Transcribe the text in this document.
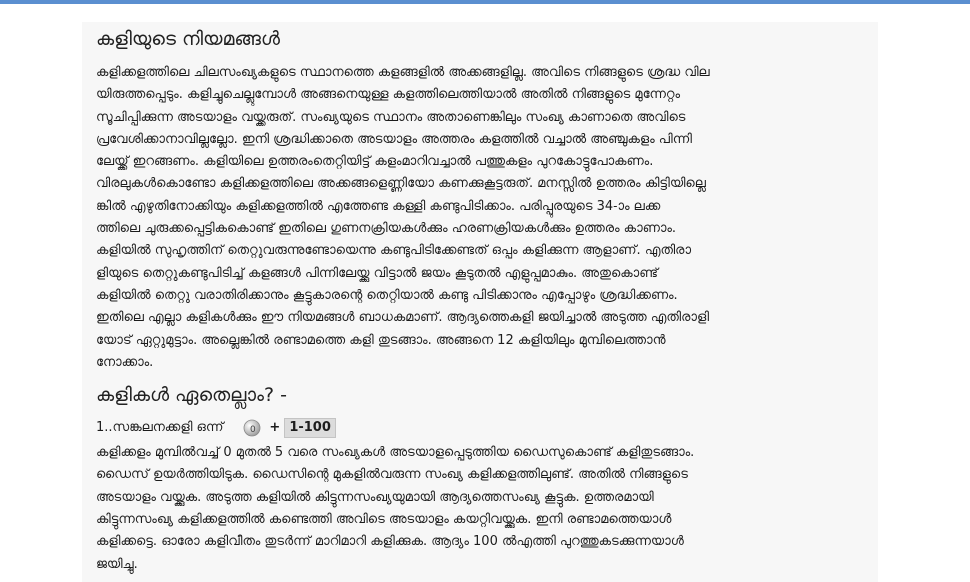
കളിയുടെ നിയമങ്ങൾ
കളിക്കളത്തിലെ ചിലസംഖ്യകളുടെ സ്ഥാനത്തെ കളങ്ങളിൽ അക്കങ്ങളില്ല. അവിടെ നിങ്ങളുടെ ശ്രദ്ധ വില
യിരുത്തപ്പെടും. കളിച്ചുചെല്ലുമ്പോൾ അങ്ങനെയുള്ള കളത്തിലെത്തിയാൽ അതിൽ നിങ്ങളുടെ മുന്നേറ്റം
സൂചിപ്പിക്കുന്ന അടയാളം വയ്ക്കരുത്. സംഖ്യയുടെ സ്ഥാനം അതാണെങ്കിലും സംഖ്യ കാണാതെ അവിടെ
പ്രവേശിക്കാനാവില്ലല്ലോ. ഇനി ശ്രദ്ധിക്കാതെ അടയാളം അത്തരം കളത്തിൽ വച്ചാൽ അഞ്ചുകളം പിന്നി
ലേയ്ക്ക് ഇറങ്ങണം. കളിയിലെ ഉത്തരംതെറ്റിയിട്ട് കളംമാറിവച്ചാൽ പത്തുകളം പുറകോട്ടുപോകണം.
വിരലുകൾകൊണ്ടോ കളിക്കളത്തിലെ അക്കങ്ങളെണ്ണിയോ കണക്കുകൂട്ടരുത്. മനസ്സിൽ ഉത്തരം കിട്ടിയില്ലെ
ങ്കിൽ എഴുതിനോക്കിയും കളിക്കളത്തിൽ എത്തേണ്ട കള്ളി കണ്ടുപിടിക്കാം. പരിപ്പുരയുടെ 34-ാം ലക്ക
ത്തിലെ ചുരുക്കപ്പെട്ടികകൊണ്ട് ഇതിലെ ഗുണനക്രിയകൾക്കും ഹരണക്രിയകൾക്കും ഉത്തരം കാണാം.
കളിയിൽ സുഹൃത്തിന് തെറ്റുവരുന്നുണ്ടോയെന്നു കണ്ടുപിടിക്കേണ്ടത് ഒപ്പം കളിക്കുന്ന ആളാണ്. എതിരാ
ളിയുടെ തെറ്റുകണ്ടുപിടിച്ച് കളങ്ങൾ പിന്നിലേയ്ക്കു വിട്ടാൽ ജയം കൂടുതൽ എളുപ്പമാകും. അതുകൊണ്ട്
കളിയിൽ തെറ്റു വരാതിരിക്കാനും കൂട്ടുകാരന്റെ തെറ്റിയാൽ കണ്ടു പിടിക്കാനും എപ്പോഴും ശ്രദ്ധിക്കണം.
ഇതിലെ എല്ലാ കളികൾക്കും ഈ നിയമങ്ങൾ ബാധകമാണ്. ആദ്യത്തെകളി ജയിച്ചാൽ അടുത്ത എതിരാളി
യോട് ഏറ്റുമുട്ടാം. അല്ലെങ്കിൽ രണ്ടാമത്തെ കളി തുടങ്ങാം. അങ്ങനെ 12 കളിയിലും മുമ്പിലെത്താൻ
നോക്കാം.
കളികൾ ഏതെല്ലാം? -
1..സങ്കലനക്കളി ഒന്ന്	0 + 1-100
കളിക്കളം മുമ്പിൽവച്ച് 0 മുതൽ 5 വരെ സംഖ്യകൾ അടയാളപ്പെടുത്തിയ ഡൈസുകൊണ്ട് കളിതുടങ്ങാം.
ഡൈസ് ഉയർത്തിയിടുക. ഡൈസിന്റെ മുകളിൽവരുന്ന സംഖ്യ കളിക്കളത്തിലുണ്ട്. അതിൽ നിങ്ങളുടെ
അടയാളം വയ്ക്കുക. അടുത്ത കളിയിൽ കിട്ടുന്നസംഖ്യയുമായി ആദ്യത്തെസംഖ്യ കൂട്ടുക. ഉത്തരമായി
കിട്ടുന്നസംഖ്യ കളിക്കളത്തിൽ കണ്ടെത്തി അവിടെ അടയാളം കയറ്റിവയ്ക്കുക. ഇനി രണ്ടാമത്തെയാൾ
കളിക്കട്ടെ. ഓരോ കളിവീതം തുടർന്ന് മാറിമാറി കളിക്കുക. ആദ്യം 100 ൽഎത്തി പുറത്തുകടക്കുന്നയാൾ
ജയിച്ചു.
